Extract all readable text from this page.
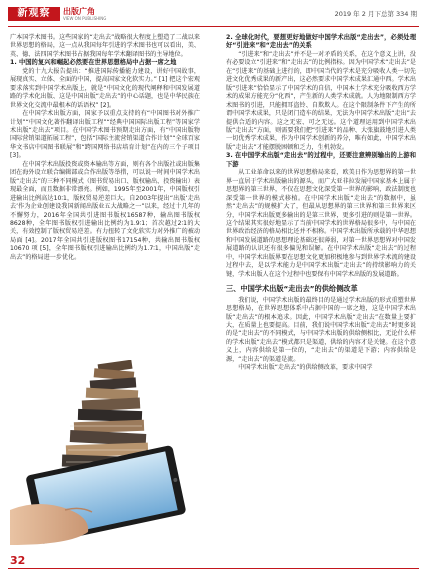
新观察	出版广角
VIEW ON PUBLISHING
2019 年 2 月下总第 334 期

广本国学术图书。这些国家的“走出去”战略很大程度上塑造了二战以来世界思想的格局，这一点从我国每年引进的学术图书也可以看出，美、英、德、法四国学术图书占据我国每年学术翻译图书的主导地位。

1. 中国的复兴和崛起必然要在世界思想格局中占据一席之地

党的十九大报告提出：“推进国际传播能力建设，讲好中国故事，展现真实、立体、全面的中国，提高国家文化软实力。” [1] 把这个宏观要求落实到中国学术出版上，就是“中国文化的现代阐释和中国发展道路的学术化出版、这是中国出版“走出去”的中心话题，也是中华民族在世界文化交流中最根本的话语权” [2]。

在中国学术出版方面，国家予以重点支持的有“中国图书对外推广计划”“中国文化著作翻译出版工程”“经典中国国际出版工程”等国家学术出版“走出去”项目。在中国学术图书预期走出方面，有“中国出版物国际营销渠道拓展工程”，包括“国际主流营销渠道合作计划”“全球百家华文书店中国图书联展”和“跨国网络书店培育计划”在内的三个子项目 [3]。

在中国学术出版投资或资本输出等方面，则有各个出版社或出版集团在海外设立联合编辑部或合作出版等举措，可以说一时间中国学术出版“走出去”的三种不同模式（图书贸易出口、版权输出、投资输出）表现最全面，而且数据非常漂亮。例如，1995年至2001年，中国版权引进输出比例高达10∶1，版权贸易逆差巨大。自2003年提出“出版‘走出去’作为企业创建设我国新闻出版业五大战略之一”以来，经过十几年的不懈努力，2016年全国共引进图书版权16587种，输出图书版权8628种，全年图书版权引进输出比例约为1.9∶1；首次越过2∶1的大关，有效控制了版权贸易逆差。有力扭转了文化软实力对外推广的被动局面 [4]。2017年全国共引进版权图书17154种，共输出图书版权10670 项 [5]，全年图书版权引进输出比例约为1.7∶1，中国出版“走出去”的格局进一步优化。

2. 全球化时代，要想更好地做好中国学术出版“走出去”，必须处理好“引进来”和“走出去”的关系

“引进来”和“走出去”并不是一对矛盾的关系，在这个意义上讲，没有必要设立“引进来”和“走出去”的比例指标。因为中国学术“走出去”是在“引进来”的基础上进行的，即中国当代的学术是充分吸收人类一切先进文化优秀成果的新产出，这必然要求中国学术成果汇通中西。学术出版“引进来”恰恰显示了中国学术的自信，中国本土学术充分吸收西方学术的成果方能充分“化西”，产生新的人类学术成就。人为地限制西方学术图书的引进，只能拥耳盗铃、自欺欺人。在这个限制条件下产生的所谓中国学术成果，只是闭门造车的结果，无法为中国学术出版“走出”去提供合适的内容。这之无宏、可之无远。这个道理运用到中国学术出版“走出去”方面，则需要我们把“引进来”的品种、大张旗鼓地引进人类一切优秀学术成果，作为中国学术创新的养分，唯有如此，中国学术出版“走出去”才能摆脱困顿和乏力，生机勃发。

3. 在中国学术出版“走出去”的过程中，还要注意辨别输出的上游和下游

从工业革命以来的世界思想格局来看，欧美日作为思想界的第一世界一直居于学术出版输出的源头，而广大亚非拉发展中国家基本上属于思想界的第三世界，不仅在思想文化深受第一世界的影响，政法制度也深受第一世界的模式移植。在中国学术出版“走出去”的数据中，虽然“走出去”的规模扩大了，但最从思想界的第三世界和第三世界来区分，中国学术出版更多输出的是第三世界，更多引进的则是第一世界。这个结果其实很好地显示了当前中国学术的世界格局很多中，与中国在世界政治经济的格局相比还并不相称。中国学术出版所承载的中华思想和中国发展道路的思想理论基础还很薄弱，对第一世界思想界对中国发展道路的认识还有很多偏见和误解。在中国学术出版“走出去”的过程中，中国学术出版界要在思想文化更加积极地参与到世界学术流的建设过程中去，是以学术能力是中国学术出版“走出去”的持续影响力的关键，学术出版人在这个过程中也要保有中国学术出版的发展道路。

三、中国学术出版“走出去”的供给侧改革

我们说，中国学术出版的最终目的是通过学术出版的形式重塑世界思想格局，在世界思想体系中占据中国的一席之地，这是中国学术出版“走出去”的根本追求。因此，中国学术出版“走出去”在数量上要扩大，在质量上也要提高。目前，我们说中国学术出版“走出去”时更多说的是“走出去”的不同模式，与中国学术出版的供给侧相比，无论什么样的学术出版“走出去”模式都只是渠道，供给的内容才是关键。在这个意义上，内容供给是第一位的，“走出去”的渠道是下游；内容供给是源，“走出去”的渠道是流。

中国学术出版“走出去”的供给侧改革，要求中国学

32
